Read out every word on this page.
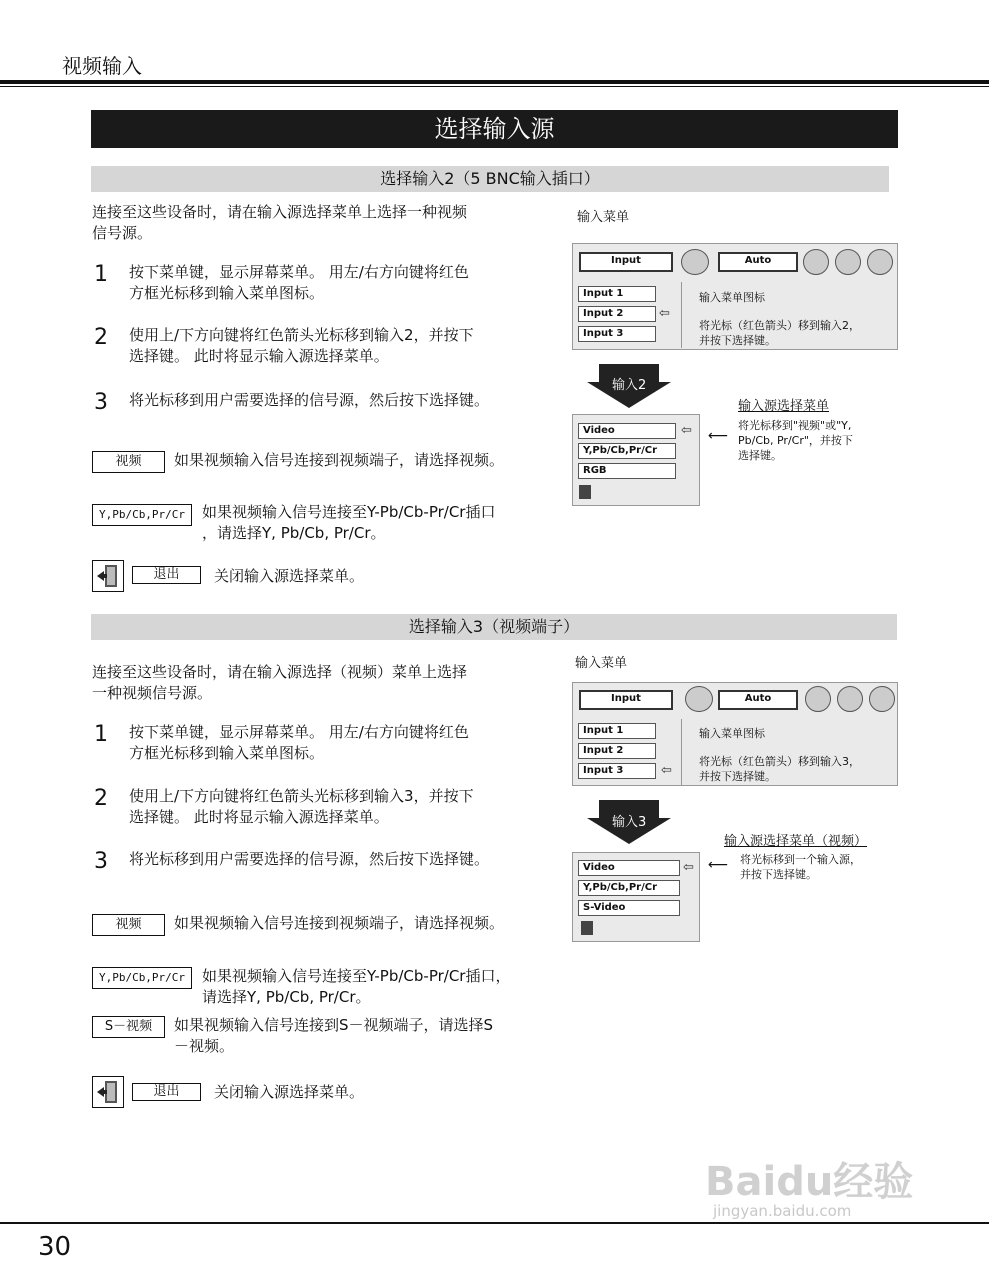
视频输入
选择输入源
选择输入2（5 BNC输入插口）
连接至这些设备时，请在输入源选择菜单上选择一种视频
信号源。
1 按下菜单键，显示屏幕菜单。 用左/右方向键将红色
方框光标移到输入菜单图标。
2 使用上/下方向键将红色箭头光标移到输入2，并按下
选择键。 此时将显示输入源选择菜单。
3 将光标移到用户需要选择的信号源，然后按下选择键。
视频	如果视频输入信号连接到视频端子，请选择视频。
Y,Pb/Cb,Pr/Cr	如果视频输入信号连接至Y-Pb/Cb-Pr/Cr插口
，请选择Y, Pb/Cb, Pr/Cr。
退出	关闭输入源选择菜单。
输入菜单
Input	Auto
Input 1
Input 2
Input 3
⇦
输入菜单图标
将光标（红色箭头）移到输入2，
并按下选择键。
输入2
输入源选择菜单
Video	⇦
Y,Pb/Cb,Pr/Cr
RGB
⟵
将光标移到"视频"或"Y,
Pb/Cb, Pr/Cr"，并按下
选择键。
选择输入3（视频端子）
连接至这些设备时，请在输入源选择（视频）菜单上选择
一种视频信号源。
1 按下菜单键，显示屏幕菜单。 用左/右方向键将红色
方框光标移到输入菜单图标。
2 使用上/下方向键将红色箭头光标移到输入3，并按下
选择键。 此时将显示输入源选择菜单。
3 将光标移到用户需要选择的信号源，然后按下选择键。
视频	如果视频输入信号连接到视频端子，请选择视频。
Y,Pb/Cb,Pr/Cr	如果视频输入信号连接至Y-Pb/Cb-Pr/Cr插口，
请选择Y, Pb/Cb, Pr/Cr。
S－视频	如果视频输入信号连接到S－视频端子，请选择S
－视频。
退出	关闭输入源选择菜单。
输入菜单
Input	Auto
Input 1
Input 2
Input 3	⇦
输入菜单图标
将光标（红色箭头）移到输入3，
并按下选择键。
输入3
输入源选择菜单（视频）
Video	⇦
Y,Pb/Cb,Pr/Cr
S-Video
⟵ 将光标移到一个输入源，
并按下选择键。
Baidu经验
jingyan.baidu.com
30
